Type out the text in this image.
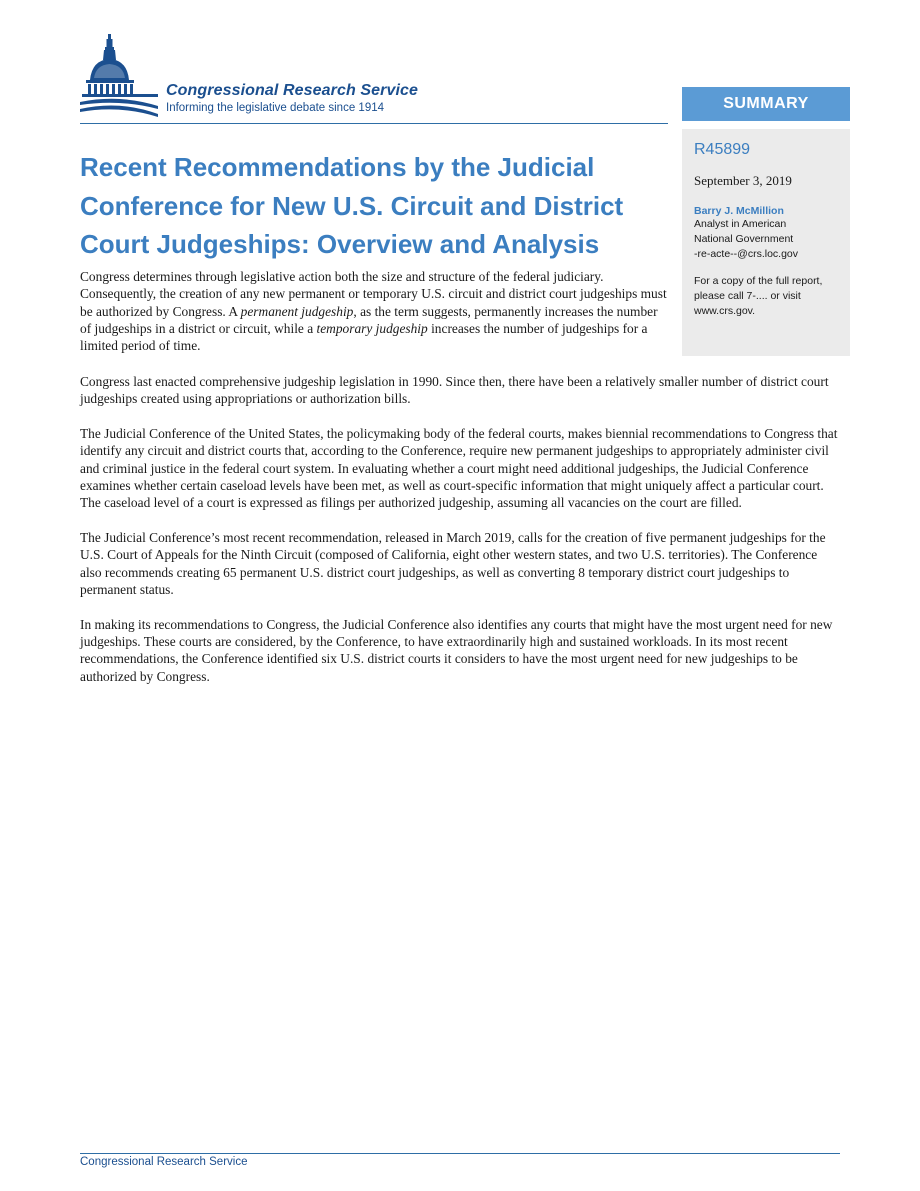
Congressional Research Service
Informing the legislative debate since 1914	SUMMARY
R45899
September 3, 2019
Barry J. McMillion
Analyst in American
National Government
-re-acte--@crs.loc.gov
For a copy of the full report,
please call 7-.... or visit
www.crs.gov.
Recent Recommendations by the Judicial Conference for New U.S. Circuit and District Court Judgeships: Overview and Analysis

Congress determines through legislative action both the size and structure of the federal judiciary. Consequently, the creation of any new permanent or temporary U.S. circuit and district court judgeships must be authorized by Congress. A permanent judgeship, as the term suggests, permanently increases the number of judgeships in a district or circuit, while a temporary judgeship increases the number of judgeships for a limited period of time.

Congress last enacted comprehensive judgeship legislation in 1990. Since then, there have been a relatively smaller number of district court judgeships created using appropriations or authorization bills.

The Judicial Conference of the United States, the policymaking body of the federal courts, makes biennial recommendations to Congress that identify any circuit and district courts that, according to the Conference, require new permanent judgeships to appropriately administer civil and criminal justice in the federal court system. In evaluating whether a court might need additional judgeships, the Judicial Conference examines whether certain caseload levels have been met, as well as court-specific information that might uniquely affect a particular court. The caseload level of a court is expressed as filings per authorized judgeship, assuming all vacancies on the court are filled.

The Judicial Conference’s most recent recommendation, released in March 2019, calls for the creation of five permanent judgeships for the U.S. Court of Appeals for the Ninth Circuit (composed of California, eight other western states, and two U.S. territories). The Conference also recommends creating 65 permanent U.S. district court judgeships, as well as converting 8 temporary district court judgeships to permanent status.

In making its recommendations to Congress, the Judicial Conference also identifies any courts that might have the most urgent need for new judgeships. These courts are considered, by the Conference, to have extraordinarily high and sustained workloads. In its most recent recommendations, the Conference identified six U.S. district courts it considers to have the most urgent need for new judgeships to be authorized by Congress.

Congressional Research Service
